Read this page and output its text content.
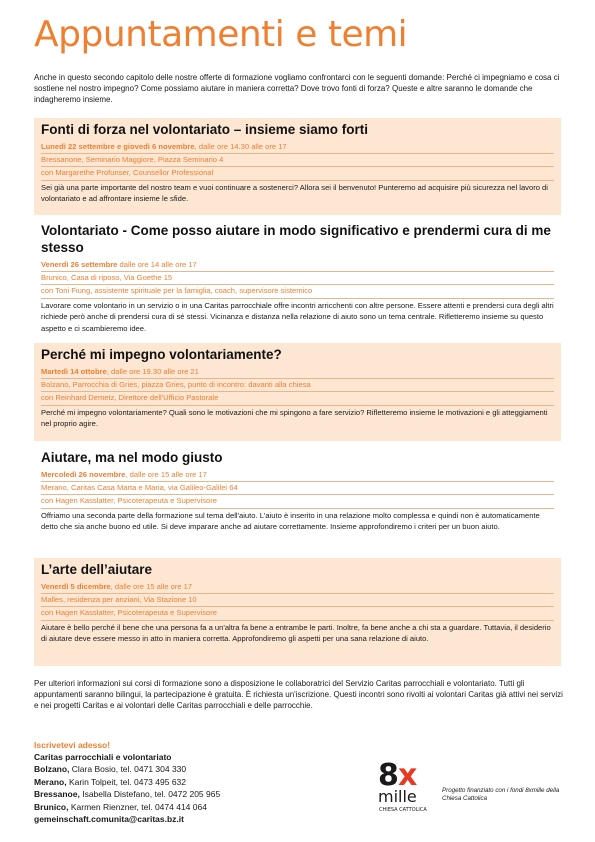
Appuntamenti e temi

Anche in questo secondo capitolo delle nostre offerte di formazione vogliamo confrontarci con le seguenti domande: Perché ci impegniamo e cosa ci sostiene nel nostro impegno? Come possiamo aiutare in maniera corretta? Dove trovo fonti di forza? Queste e altre saranno le domande che indagheremo insieme.

Fonti di forza nel volontariato – insieme siamo forti
Lunedì 22 settembre e giovedì 6 novembre, dalle ore 14.30 alle ore 17
Bressanone, Seminario Maggiore, Piazza Seminario 4
con Margarethe Profunser, Counsellor Professional
Sei già una parte importante del nostro team e vuoi continuare a sostenerci? Allora sei il benvenuto! Punteremo ad acquisire più sicurezza nel lavoro di volontariato e ad affrontare insieme le sfide.
Volontariato - Come posso aiutare in modo significativo e prendermi cura di me stesso
Venerdì 26 settembre dalle ore 14 alle ore 17
Brunico, Casa di riposo, Via Goethe 15
con Toni Fiung, assistente spirituale per la famiglia, coach, supervisore sistemico
Lavorare come volontario in un servizio o in una Caritas parrocchiale offre incontri arricchenti con altre persone. Essere attenti e prendersi cura degli altri richiede però anche di prendersi cura di sé stessi. Vicinanza e distanza nella relazione di aiuto sono un tema centrale. Rifletteremo insieme su questo aspetto e ci scambieremo idee.
Perché mi impegno volontariamente?
Martedì 14 ottobre, dalle ore 19.30 alle ore 21
Bolzano, Parrocchia di Gries, piazza Gries, punto di incontro: davanti alla chiesa
con Reinhard Demetz, Direttore dell'Ufficio Pastorale
Perché mi impegno volontariamente? Quali sono le motivazioni che mi spingono a fare servizio? Rifletteremo insieme le motivazioni e gli atteggiamenti nel proprio agire.
Aiutare, ma nel modo giusto
Mercoledì 26 novembre, dalle ore 15 alle ore 17
Merano, Caritas Casa Marta e Maria, via Galileo-Galilei 64
con Hagen Kasslatter, Psicoterapeuta e Supervisore
Offriamo una seconda parte della formazione sul tema dell'aiuto. L'aiuto è inserito in una relazione molto complessa e quindi non è automaticamente detto che sia anche buono ed utile. Si deve imparare anche ad aiutare correttamente. Insieme approfondiremo i criteri per un buon aiuto.
L’arte dell’aiutare
Venerdì 5 dicembre, dalle ore 15 alle ore 17
Malles, residenza per anziani, Via Stazione 10
con Hagen Kasslatter, Psicoterapeuta e Supervisore
Aiutare è bello perché il bene che una persona fa a un'altra fa bene a entrambe le parti. Inoltre, fa bene anche a chi sta a guardare. Tuttavia, il desiderio di aiutare deve essere messo in atto in maniera corretta. Approfondiremo gli aspetti per una sana relazione di aiuto.

Per ulteriori informazioni sui corsi di formazione sono a disposizione le collaboratrici del Servizio Caritas parrocchiali e volontariato. Tutti gli appuntamenti saranno bilingui, la partecipazione è gratuita. È richiesta un'iscrizione. Questi incontri sono rivolti ai volontari Caritas già attivi nei servizi e nei progetti Caritas e ai volontari delle Caritas parrocchiali e delle parrocchie.

Iscrivetevi adesso!
Caritas parrocchiali e volontariato
Bolzano, Clara Bosio, tel. 0471 304 330
Merano, Karin Tolpeit, tel. 0473 495 632
Bressanoe, Isabella Distefano, tel. 0472 205 965
Brunico, Karmen Rienzner, tel. 0474 414 064
gemeinschaft.comunita@caritas.bz.it
8 x
mille
CHIESA CATTOLICA
Progetto finanziato con i fondi 8xmille della Chiesa Cattolica
